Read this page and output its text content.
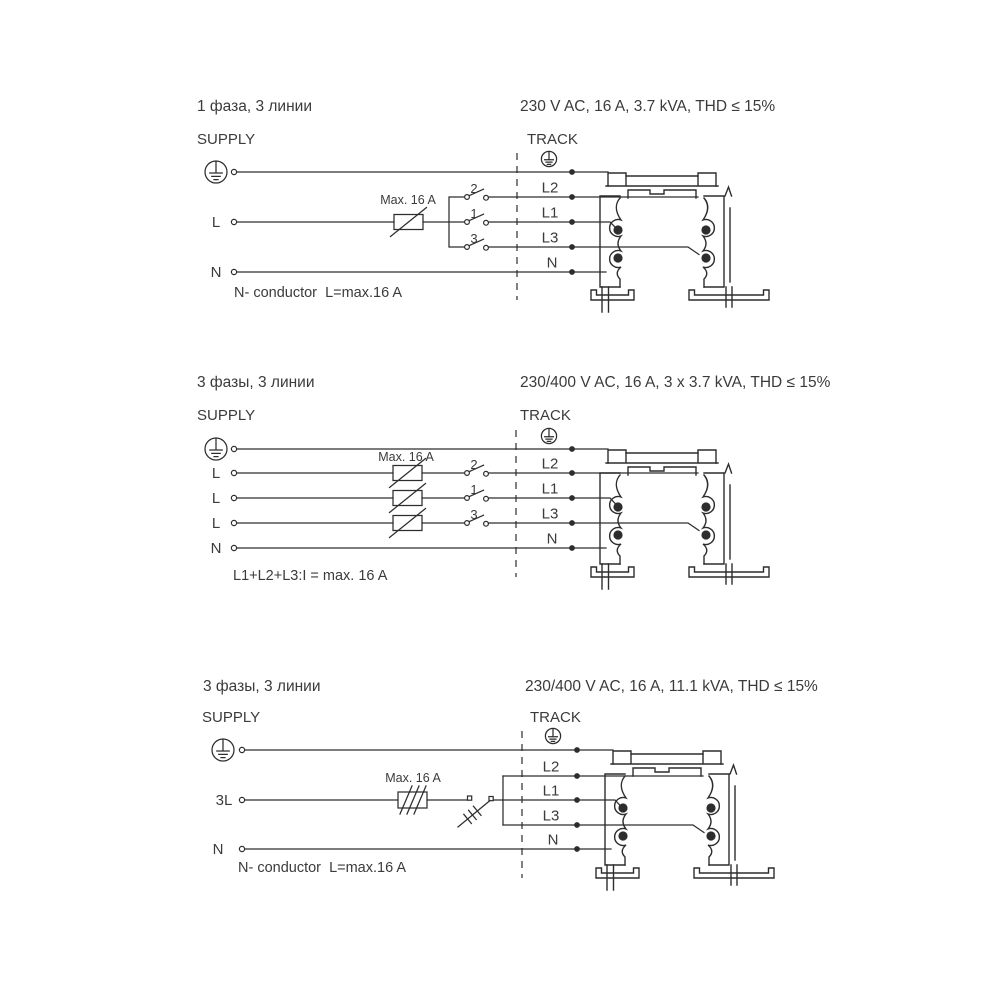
1 фаза, 3 линии	230 V AC, 16 A, 3.7 kVA, THD ≤ 15%
SUPPLY	TRACK
L
N
Max. 16 A
2
1
3
L2
L1
L3
N
N- conductor  L=max.16 A
3 фазы, 3 линии	230/400 V AC, 16 A, 3 x 3.7 kVA, THD ≤ 15%
SUPPLY	TRACK
L
L
L
N
Max. 16 A	2
1
3
L2
L1
L3
N
L1+L2+L3:I = max. 16 A
3 фазы, 3 линии	230/400 V AC, 16 A, 11.1 kVA, THD ≤ 15%
SUPPLY	TRACK
3L
N
Max. 16 A
L2
L1
L3
N
N- conductor  L=max.16 A
